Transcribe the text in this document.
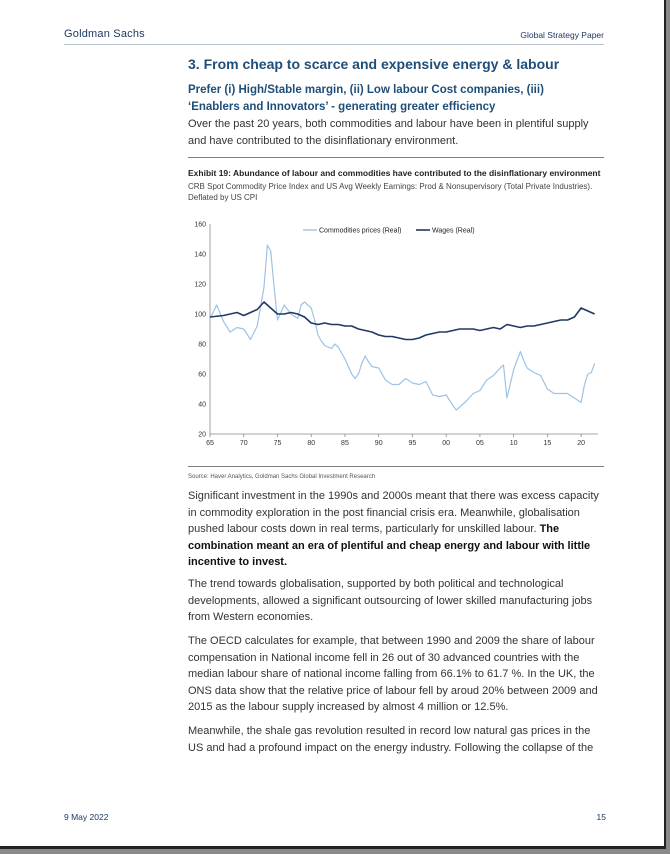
Goldman Sachs	Global Strategy Paper
3. From cheap to scarce and expensive energy & labour
Prefer (i) High/Stable margin, (ii) Low labour Cost companies, (iii)
‘Enablers and Innovators’ - generating greater efficiency
Over the past 20 years, both commodities and labour have been in plentiful supply and have contributed to the disinflationary environment.
Exhibit 19: Abundance of labour and commodities have contributed to the disinflationary environment
CRB Spot Commodity Price Index and US Avg Weekly Earnings: Prod & Nonsupervisory (Total Private Industries). Deflated by US CPI
20
40
60
80
100
120
140
160
65	70	75	80	85	90	95	00	05	10	15	20
Commodities prices (Real)	Wages (Real)
Source: Haver Analytics, Goldman Sachs Global Investment Research
Significant investment in the 1990s and 2000s meant that there was excess capacity in commodity exploration in the post financial crisis era. Meanwhile, globalisation pushed labour costs down in real terms, particularly for unskilled labour. The combination meant an era of plentiful and cheap energy and labour with little incentive to invest.
The trend towards globalisation, supported by both political and technological developments, allowed a significant outsourcing of lower skilled manufacturing jobs from Western economies.
The OECD calculates for example, that between 1990 and 2009 the share of labour compensation in National income fell in 26 out of 30 advanced countries with the median labour share of national income falling from 66.1% to 61.7 %. In the UK, the ONS data show that the relative price of labour fell by aroud 20% between 2009 and 2015 as the labour supply increased by almost 4 million or 12.5%.
Meanwhile, the shale gas revolution resulted in record low natural gas prices in the US and had a profound impact on the energy industry. Following the collapse of the
9 May 2022	15
